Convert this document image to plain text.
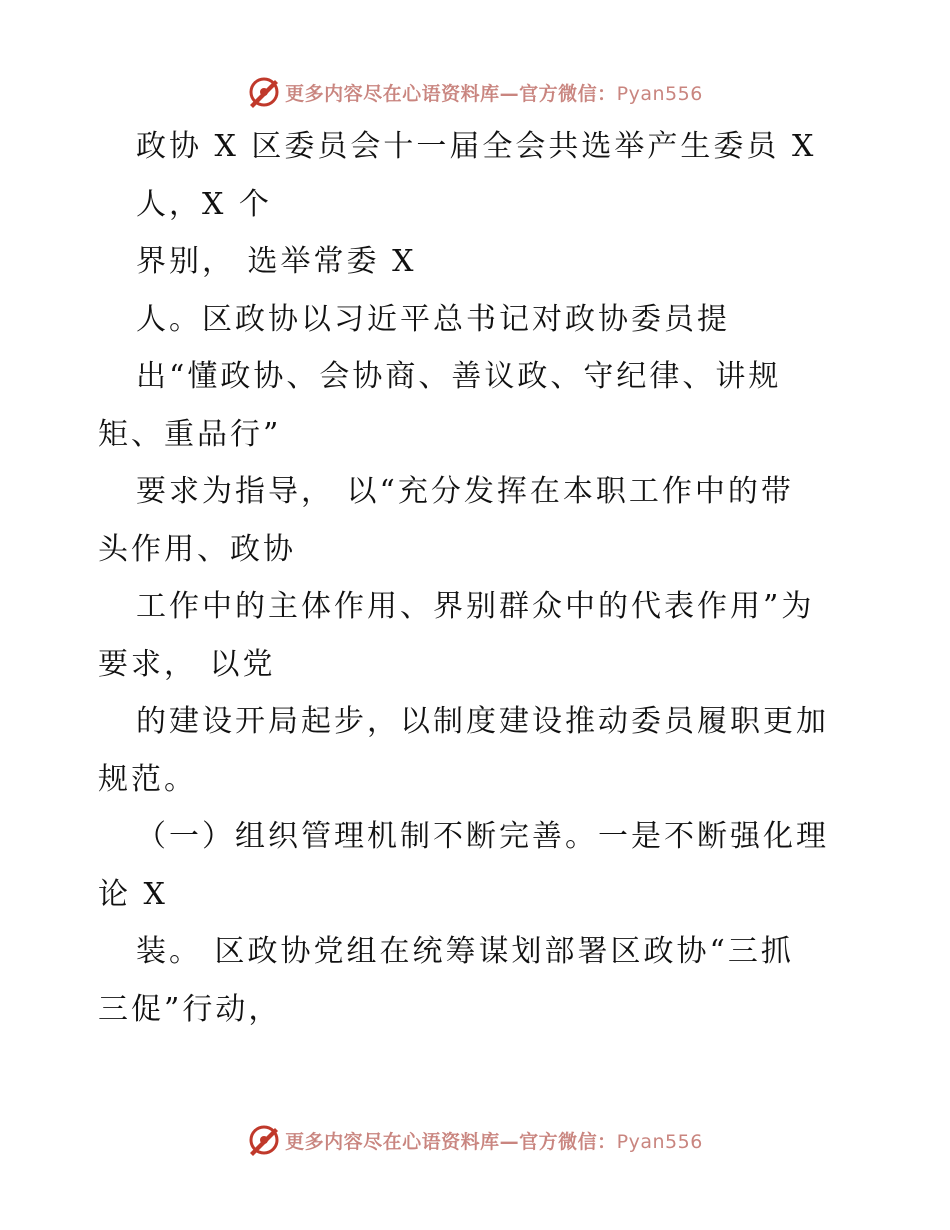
更多内容尽在心语资料库—官方微信：Pyan556
政协 X 区委员会十一届全会共选举产生委员 X
人，X 个
界别， 选举常委 X
人。区政协以习近平总书记对政协委员提
出“懂政协、会协商、善议政、守纪律、讲规
矩、重品行”
要求为指导， 以“充分发挥在本职工作中的带
头作用、政协
工作中的主体作用、界别群众中的代表作用”为
要求， 以党
的建设开局起步，以制度建设推动委员履职更加
规范。
（一）组织管理机制不断完善。一是不断强化理
论 X
装。 区政协党组在统筹谋划部署区政协“三抓
三促”行动，
更多内容尽在心语资料库—官方微信：Pyan556
